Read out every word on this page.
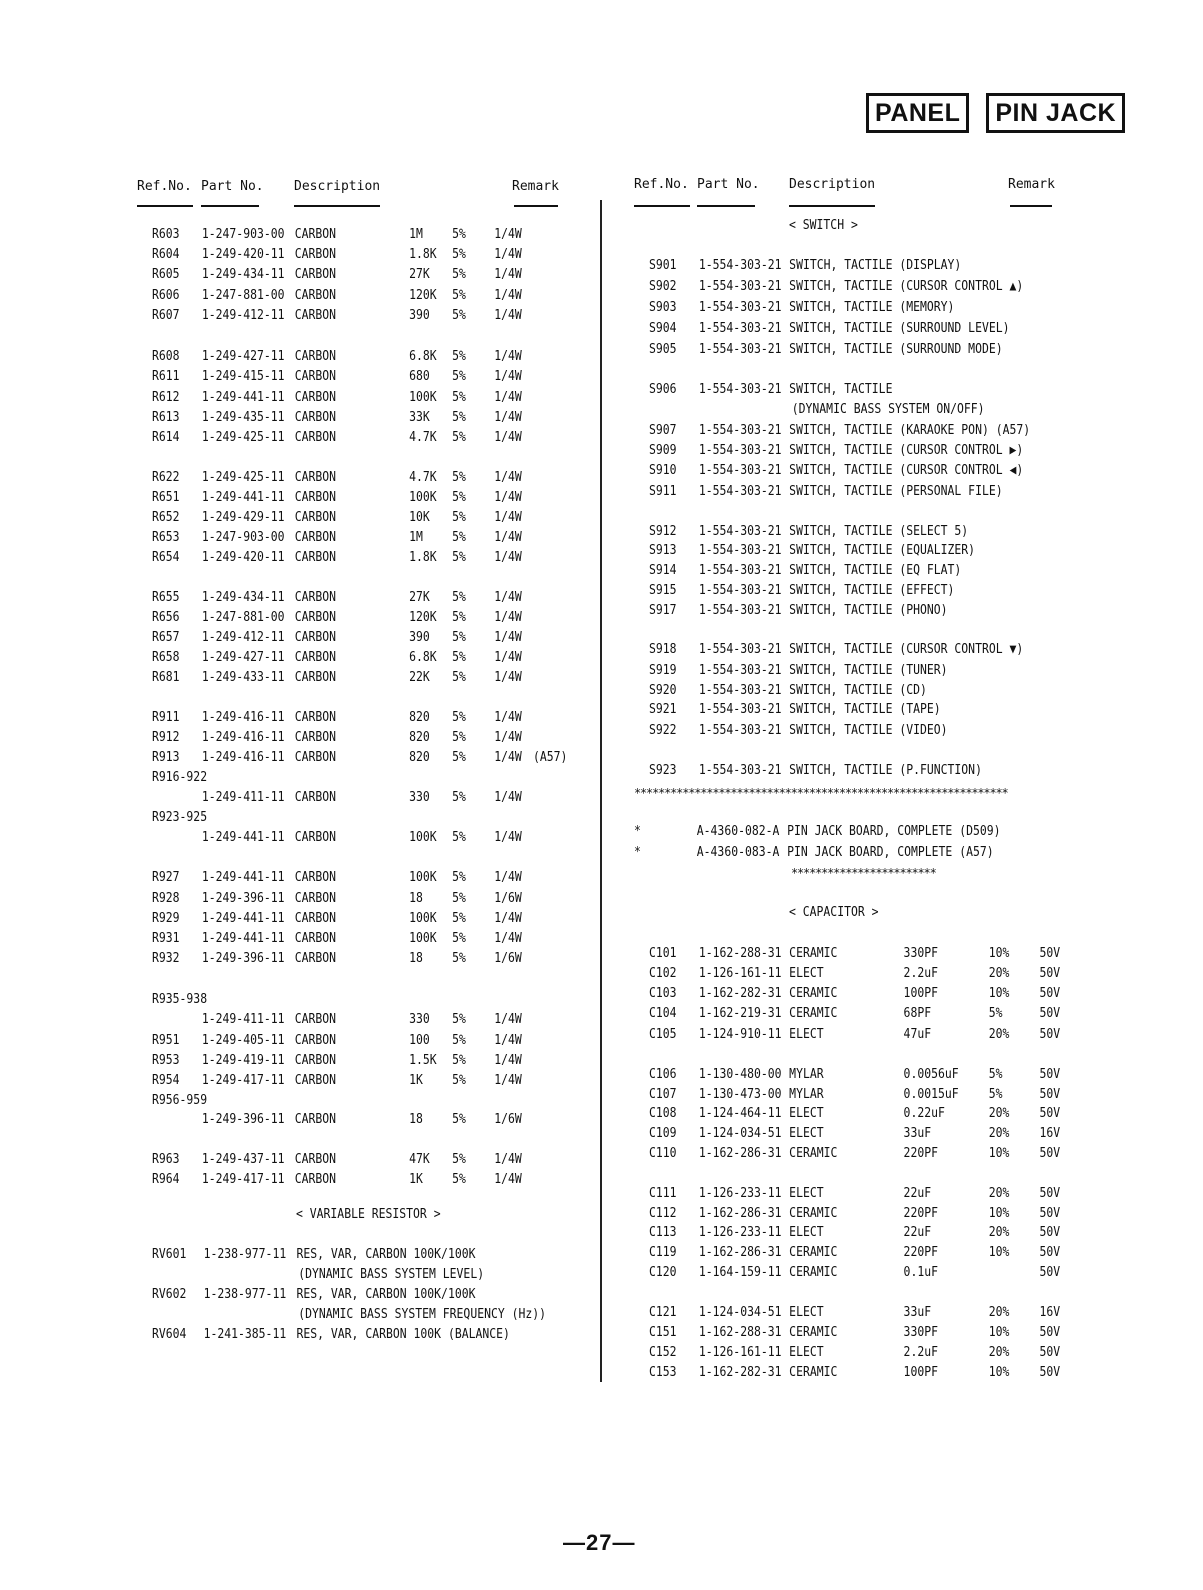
PANEL	PIN JACK
Ref.No. Part No. Description	Remark	Ref.No. Part No. Description	Remark
R603 1-247-903-00 CARBON	1M 5% 1/4W
R604 1-249-420-11 CARBON	1.8K 5% 1/4W
R605 1-249-434-11 CARBON	27K 5% 1/4W
R606 1-247-881-00 CARBON	120K 5% 1/4W
R607 1-249-412-11 CARBON	390 5% 1/4W
R608 1-249-427-11 CARBON	6.8K 5% 1/4W
R611 1-249-415-11 CARBON	680 5% 1/4W
R612 1-249-441-11 CARBON	100K 5% 1/4W
R613 1-249-435-11 CARBON	33K 5% 1/4W
R614 1-249-425-11 CARBON	4.7K 5% 1/4W
R622 1-249-425-11 CARBON	4.7K 5% 1/4W
R651 1-249-441-11 CARBON	100K 5% 1/4W
R652 1-249-429-11 CARBON	10K 5% 1/4W
R653 1-247-903-00 CARBON	1M 5% 1/4W
R654 1-249-420-11 CARBON	1.8K 5% 1/4W
R655 1-249-434-11 CARBON	27K 5% 1/4W
R656 1-247-881-00 CARBON	120K 5% 1/4W
R657 1-249-412-11 CARBON	390 5% 1/4W
R658 1-249-427-11 CARBON	6.8K 5% 1/4W
R681 1-249-433-11 CARBON	22K 5% 1/4W
R911 1-249-416-11 CARBON	820 5% 1/4W
R912 1-249-416-11 CARBON	820 5% 1/4W
R913 1-249-416-11 CARBON	820 5% 1/4W (A57)
R916-922
1-249-411-11 CARBON	330 5% 1/4W
R923-925
1-249-441-11 CARBON	100K 5% 1/4W
R927 1-249-441-11 CARBON	100K 5% 1/4W
R928 1-249-396-11 CARBON	18 5% 1/6W
R929 1-249-441-11 CARBON	100K 5% 1/4W
R931 1-249-441-11 CARBON	100K 5% 1/4W
R932 1-249-396-11 CARBON	18 5% 1/6W
R935-938
1-249-411-11 CARBON	330 5% 1/4W
R951 1-249-405-11 CARBON	100 5% 1/4W
R953 1-249-419-11 CARBON	1.5K 5% 1/4W
R954 1-249-417-11 CARBON	1K 5% 1/4W
R956-959
1-249-396-11 CARBON	18 5% 1/6W
R963 1-249-437-11 CARBON	47K 5% 1/4W
R964 1-249-417-11 CARBON	1K 5% 1/4W
< VARIABLE RESISTOR >
RV601 1-238-977-11 RES, VAR, CARBON 100K/100K
(DYNAMIC BASS SYSTEM LEVEL)
RV602 1-238-977-11 RES, VAR, CARBON 100K/100K
(DYNAMIC BASS SYSTEM FREQUENCY (Hz))
RV604 1-241-385-11 RES, VAR, CARBON 100K (BALANCE)
< SWITCH >
S901 1-554-303-21 SWITCH, TACTILE (DISPLAY)
S902 1-554-303-21 SWITCH, TACTILE (CURSOR CONTROL ▲)
S903 1-554-303-21 SWITCH, TACTILE (MEMORY)
S904 1-554-303-21 SWITCH, TACTILE (SURROUND LEVEL)
S905 1-554-303-21 SWITCH, TACTILE (SURROUND MODE)
S906 1-554-303-21 SWITCH, TACTILE
(DYNAMIC BASS SYSTEM ON/OFF)
S907 1-554-303-21 SWITCH, TACTILE (KARAOKE PON) (A57)
S909 1-554-303-21 SWITCH, TACTILE (CURSOR CONTROL ▶)
S910 1-554-303-21 SWITCH, TACTILE (CURSOR CONTROL ◀)
S911 1-554-303-21 SWITCH, TACTILE (PERSONAL FILE)
S912 1-554-303-21 SWITCH, TACTILE (SELECT 5)
S913 1-554-303-21 SWITCH, TACTILE (EQUALIZER)
S914 1-554-303-21 SWITCH, TACTILE (EQ FLAT)
S915 1-554-303-21 SWITCH, TACTILE (EFFECT)
S917 1-554-303-21 SWITCH, TACTILE (PHONO)
S918 1-554-303-21 SWITCH, TACTILE (CURSOR CONTROL ▼)
S919 1-554-303-21 SWITCH, TACTILE (TUNER)
S920 1-554-303-21 SWITCH, TACTILE (CD)
S921 1-554-303-21 SWITCH, TACTILE (TAPE)
S922 1-554-303-21 SWITCH, TACTILE (VIDEO)
S923 1-554-303-21 SWITCH, TACTILE (P.FUNCTION)
**************************************************************
*	A-4360-082-A PIN JACK BOARD, COMPLETE (D509)
*	A-4360-083-A PIN JACK BOARD, COMPLETE (A57)
************************
< CAPACITOR >
C101 1-162-288-31 CERAMIC	330PF	10% 50V
C102 1-126-161-11 ELECT	2.2uF	20% 50V
C103 1-162-282-31 CERAMIC	100PF	10% 50V
C104 1-162-219-31 CERAMIC	68PF	5%	50V
C105 1-124-910-11 ELECT	47uF	20% 50V
C106 1-130-480-00 MYLAR	0.0056uF 5%	50V
C107 1-130-473-00 MYLAR	0.0015uF 5%	50V
C108 1-124-464-11 ELECT	0.22uF	20% 50V
C109 1-124-034-51 ELECT	33uF	20% 16V
C110 1-162-286-31 CERAMIC	220PF	10% 50V
C111 1-126-233-11 ELECT	22uF	20% 50V
C112 1-162-286-31 CERAMIC	220PF	10% 50V
C113 1-126-233-11 ELECT	22uF	20% 50V
C119 1-162-286-31 CERAMIC	220PF	10% 50V
C120 1-164-159-11 CERAMIC	0.1uF	50V
C121 1-124-034-51 ELECT	33uF	20% 16V
C151 1-162-288-31 CERAMIC	330PF	10% 50V
C152 1-126-161-11 ELECT	2.2uF	20% 50V
C153 1-162-282-31 CERAMIC	100PF	10% 50V
—27—
